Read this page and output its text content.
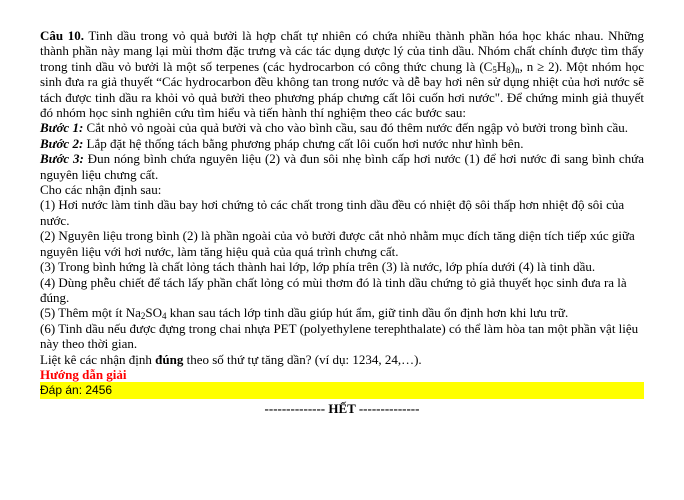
Câu 10. Tinh dầu trong vỏ quả bưởi là hợp chất tự nhiên có chứa nhiều thành phần hóa học khác nhau. Những thành phần này mang lại mùi thơm đặc trưng và các tác dụng dược lý của tinh dầu. Nhóm chất chính được tìm thấy trong tinh dầu vỏ bưởi là một số terpenes (các hydrocarbon có công thức chung là (C5H8)n, n ≥ 2). Một nhóm học sinh đưa ra giả thuyết “Các hydrocarbon đều không tan trong nước và dễ bay hơi nên sử dụng nhiệt của hơi nước sẽ tách được tinh dầu ra khỏi vỏ quả bưởi theo phương pháp chưng cất lôi cuốn hơi nước". Để chứng minh giả thuyết đó nhóm học sinh nghiên cứu tìm hiểu và tiến hành thí nghiệm theo các bước sau:

Bước 1: Cắt nhỏ vỏ ngoài của quả bưởi và cho vào bình cầu, sau đó thêm nước đến ngập vỏ bưởi trong bình cầu.

Bước 2: Lắp đặt hệ thống tách bằng phương pháp chưng cất lôi cuốn hơi nước như hình bên.

Bước 3: Đun nóng bình chứa nguyên liệu (2) và đun sôi nhẹ bình cấp hơi nước (1) để hơi nước đi sang bình chứa nguyên liệu chưng cất.

Cho các nhận định sau:

(1) Hơi nước làm tinh dầu bay hơi chứng tỏ các chất trong tinh dầu đều có nhiệt độ sôi thấp hơn nhiệt độ sôi của nước.

(2) Nguyên liệu trong bình (2) là phần ngoài của vỏ bưởi được cắt nhỏ nhằm mục đích tăng diện tích tiếp xúc giữa nguyên liệu với hơi nước, làm tăng hiệu quả của quá trình chưng cất.

(3) Trong bình hứng là chất lỏng tách thành hai lớp, lớp phía trên (3) là nước, lớp phía dưới (4) là tinh dầu.

(4) Dùng phễu chiết để tách lấy phần chất lỏng có mùi thơm đó là tinh dầu chứng tỏ giả thuyết học sinh đưa ra là đúng.

(5) Thêm một ít $Na_2SO_4$ khan sau tách lớp tinh dầu giúp hút ẩm, giữ tinh dầu ổn định hơn khi lưu trữ.

(6) Tinh dầu nếu được đựng trong chai nhựa PET (polyethylene terephthalate) có thể làm hòa tan một phần vật liệu này theo thời gian.

Liệt kê các nhận định đúng theo số thứ tự tăng dần? (ví dụ: 1234, 24,…).

Hướng dẫn giải

Đáp án: 2456

-------------- HẾT --------------
